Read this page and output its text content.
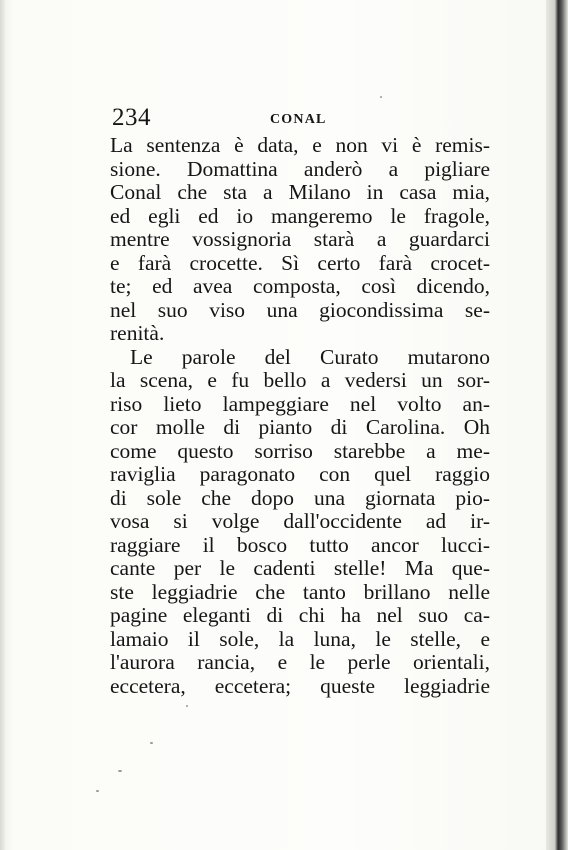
234	CONAL
La sentenza è data, e non vi è remis-
sione. Domattina anderò a pigliare
Conal che sta a Milano in casa mia,
ed egli ed io mangeremo le fragole,
mentre vossignoria starà a guardarci
e farà crocette. Sì certo farà crocet-
te; ed avea composta, così dicendo,
nel suo viso una giocondissima se-
renità.
Le parole del Curato mutarono
la scena, e fu bello a vedersi un sor-
riso lieto lampeggiare nel volto an-
cor molle di pianto di Carolina. Oh
come questo sorriso starebbe a me-
raviglia paragonato con quel raggio
di sole che dopo una giornata pio-
vosa si volge dall'occidente ad ir-
raggiare il bosco tutto ancor lucci-
cante per le cadenti stelle! Ma que-
ste leggiadrie che tanto brillano nelle
pagine eleganti di chi ha nel suo ca-
lamaio il sole, la luna, le stelle, e
l'aurora rancia, e le perle orientali,
eccetera, eccetera; queste leggiadrie
